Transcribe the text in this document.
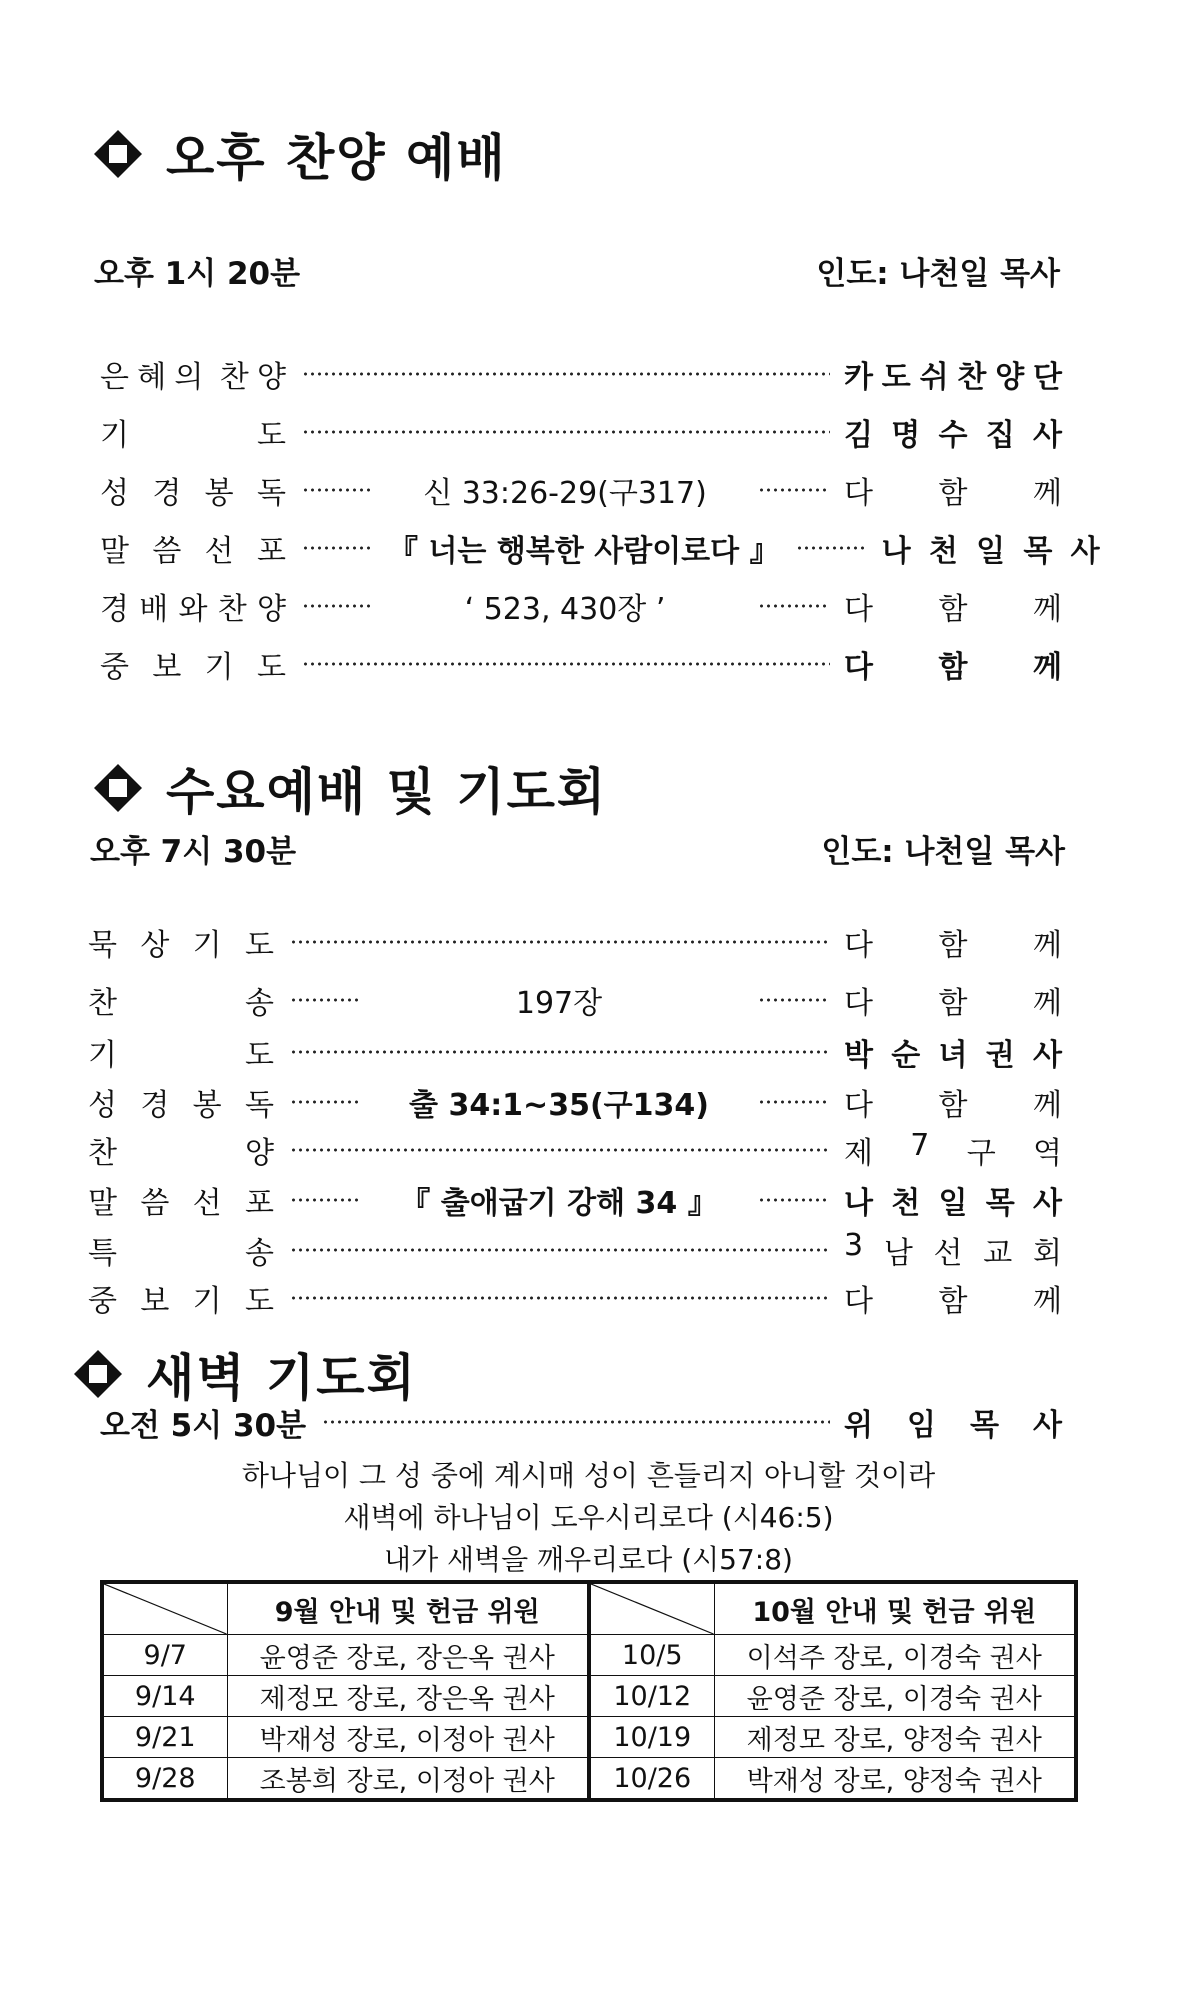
오후 찬양 예배
오후 1시 20분	인도: 나천일 목사
은 혜 의 찬 양	카 도 쉬 찬 양 단
기	도	김 명 수 집 사
성 경 봉 독	신 33:26-29(구317)	다 함 께
말 씀 선 포	『 너는 행복한 사람이로다 』	나 천 일 목 사
경 배 와 찬 양	‘ 523, 430장 ’	다 함 께
중 보 기 도	다 함 께
수요예배 및 기도회
오후 7시 30분	인도: 나천일 목사
묵 상 기 도	다 함 께
찬	송	197장	다 함 께
기	도	박 순 녀 권 사
성 경 봉 독	출 34:1~35(구134)	다 함 께
찬	양	제 7 구 역
말 씀 선 포	『 출애굽기 강해 34 』	나 천 일 목 사
특	송	3 남 선 교 회
중 보 기 도	다 함 께
새벽 기도회
오전 5시 30분	위 임 목 사
하나님이 그 성 중에 계시매 성이 흔들리지 아니할 것이라
새벽에 하나님이 도우시리로다 (시46:5)
내가 새벽을 깨우리로다 (시57:8)
	9월 안내 및 헌금 위원		10월 안내 및 헌금 위원
9/7	윤영준 장로, 장은옥 권사	10/5	이석주 장로, 이경숙 권사
9/14	제정모 장로, 장은옥 권사	10/12	윤영준 장로, 이경숙 권사
9/21	박재성 장로, 이정아 권사	10/19	제정모 장로, 양정숙 권사
9/28	조봉희 장로, 이정아 권사	10/26	박재성 장로, 양정숙 권사
